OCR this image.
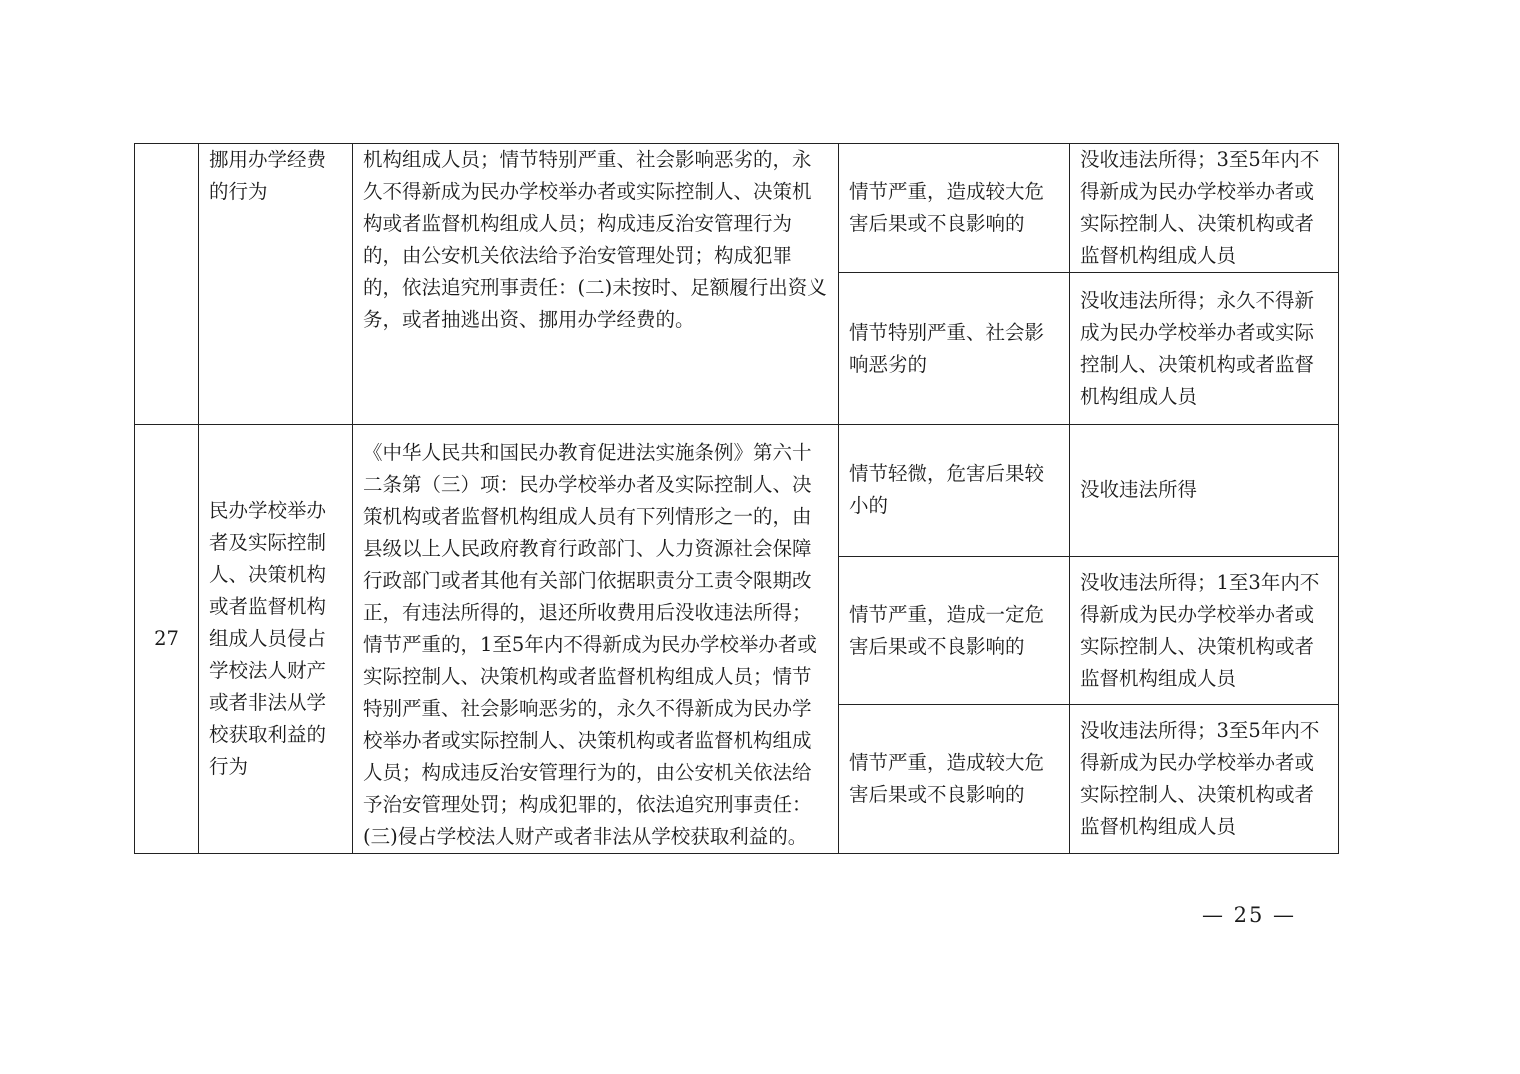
	挪用办学经费的行为	机构组成人员；情节特别严重、社会影响恶劣的，永久不得新成为民办学校举办者或实际控制人、决策机构或者监督机构组成人员；构成违反治安管理行为的，由公安机关依法给予治安管理处罚；构成犯罪的，依法追究刑事责任：(二)未按时、足额履行出资义务，或者抽逃出资、挪用办学经费的。	情节严重，造成较大危害后果或不良影响的	没收违法所得；3至5年内不得新成为民办学校举办者或实际控制人、决策机构或者监督机构组成人员
			情节特别严重、社会影响恶劣的	没收违法所得；永久不得新成为民办学校举办者或实际控制人、决策机构或者监督机构组成人员
27	民办学校举办者及实际控制人、决策机构或者监督机构组成人员侵占学校法人财产或者非法从学校获取利益的行为	《中华人民共和国民办教育促进法实施条例》第六十二条第（三）项：民办学校举办者及实际控制人、决策机构或者监督机构组成人员有下列情形之一的，由县级以上人民政府教育行政部门、人力资源社会保障行政部门或者其他有关部门依据职责分工责令限期改正，有违法所得的，退还所收费用后没收违法所得；情节严重的，1至5年内不得新成为民办学校举办者或实际控制人、决策机构或者监督机构组成人员；情节特别严重、社会影响恶劣的，永久不得新成为民办学校举办者或实际控制人、决策机构或者监督机构组成人员；构成违反治安管理行为的，由公安机关依法给予治安管理处罚；构成犯罪的，依法追究刑事责任：(三)侵占学校法人财产或者非法从学校获取利益的。	情节轻微，危害后果较小的	没收违法所得
			情节严重，造成一定危害后果或不良影响的	没收违法所得；1至3年内不得新成为民办学校举办者或实际控制人、决策机构或者监督机构组成人员
			情节严重，造成较大危害后果或不良影响的	没收违法所得；3至5年内不得新成为民办学校举办者或实际控制人、决策机构或者监督机构组成人员
— 25 —
